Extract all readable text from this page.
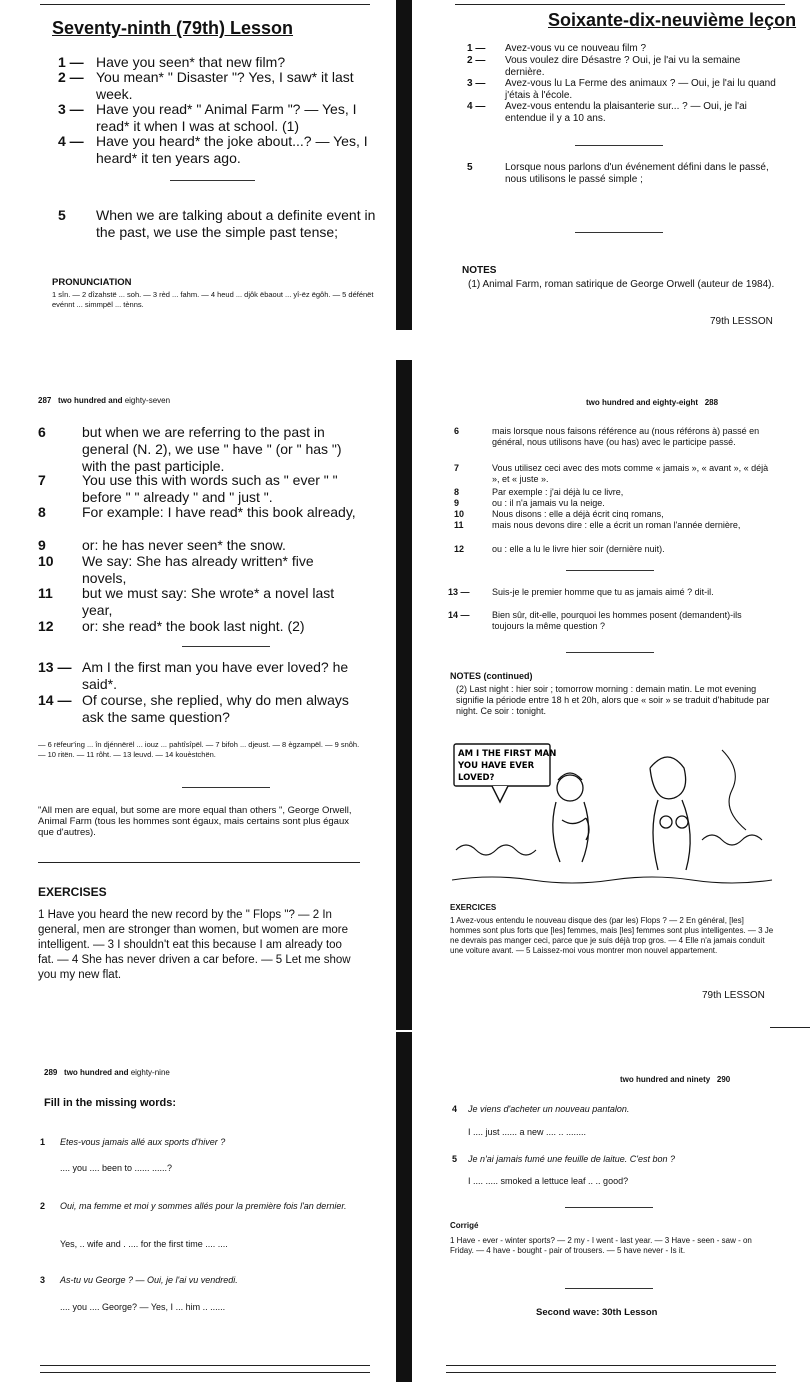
Seventy-ninth (79th) Lesson	Soixante-dix-neuvième leçon
1 — Have you seen* that new film?
2 — You mean* " Disaster "? Yes, I saw* it last week.
3 — Have you read* " Animal Farm "? — Yes, I read* it when I was at school. (1)
4 — Have you heard* the joke about...? — Yes, I heard* it ten years ago.
5 When we are talking about a definite event in the past, we use the simple past tense;
PRONUNCIATION
1 sîn. — 2 dîzahstë ... soh. — 3 rèd ... fahm. — 4 heud ... djôk ëbaout ... yî-ëz ëgôh. — 5 défénët evénnt ... simmpël ... tènns.
1 — Avez-vous vu ce nouveau film ?
2 — Vous voulez dire Désastre ? Oui, je l'ai vu la semaine dernière.
3 — Avez-vous lu La Ferme des animaux ? — Oui, je l'ai lu quand j'étais à l'école.
4 — Avez-vous entendu la plaisanterie sur... ? — Oui, je l'ai entendue il y a 10 ans.
5	Lorsque nous parlons d'un événement défini dans le passé, nous utilisons le passé simple ;
NOTES
(1) Animal Farm, roman satirique de George Orwell (auteur de 1984).
79th LESSON
287 two hundred and eighty-seven	two hundred and eighty-eight 288
6	but when we are referring to the past in general (N. 2), we use " have " (or " has ") with the past participle.
7	You use this with words such as " ever " " before " " already " and " just ".
8	For example: I have read* this book already,
9	or: he has never seen* the snow.
10 We say: She has already written* five novels,
11 but we must say: She wrote* a novel last year,
12 or: she read* the book last night. (2)
13 — Am I the first man you have ever loved? he said*.
14 — Of course, she replied, why do men always ask the same question?
— 6 rëfeur'ing ... în djénnërël ... iouz ... pahtîsîpël. — 7 bifoh ... djeust. — 8 ègzampël. — 9 snôh. — 10 ritën. — 11 rôht. — 13 leuvd. — 14 kouèstchën.
"All men are equal, but some are more equal than others ", George Orwell, Animal Farm (tous les hommes sont égaux, mais certains sont plus égaux que d'autres).
EXERCISES
1 Have you heard the new record by the " Flops "? — 2 In general, men are stronger than women, but women are more intelligent. — 3 I shouldn't eat this because I am already too fat. — 4 She has never driven a car before. — 5 Let me show you my new flat.
6	mais lorsque nous faisons référence au (nous référons à) passé en général, nous utilisons have (ou has) avec le participe passé.
7	Vous utilisez ceci avec des mots comme « jamais », « avant », « déjà », et « juste ».
8	Par exemple : j'ai déjà lu ce livre,
9	ou : il n'a jamais vu la neige.
10	Nous disons : elle a déjà écrit cinq romans,
11	mais nous devons dire : elle a écrit un roman l'année dernière,
12	ou : elle a lu le livre hier soir (dernière nuit).
13 — Suis-je le premier homme que tu as jamais aimé ? dit-il.
14 — Bien sûr, dit-elle, pourquoi les hommes posent (demandent)-ils toujours la même question ?
NOTES (continued)
(2) Last night : hier soir ; tomorrow morning : demain matin. Le mot evening signifie la période entre 18 h et 20h, alors que « soir » se traduit d'habitude par night. Ce soir : tonight.
AM I THE FIRST MAN
YOU HAVE EVER
LOVED?
EXERCICES
1 Avez-vous entendu le nouveau disque des (par les) Flops ? — 2 En général, [les] hommes sont plus forts que [les] femmes, mais [les] femmes sont plus intelligentes. — 3 Je ne devrais pas manger ceci, parce que je suis déjà trop gros. — 4 Elle n'a jamais conduit une voiture avant. — 5 Laissez-moi vous montrer mon nouvel appartement.
79th LESSON
289 two hundred and eighty-nine
two hundred and ninety 290
Fill in the missing words:
1 Etes-vous jamais allé aux sports d'hiver ?
.... you .... been to ...... ......?
2 Oui, ma femme et moi y sommes allés pour la première fois l'an dernier.
Yes, .. wife and . .... for the first time .... ....
3 As-tu vu George ? — Oui, je l'ai vu vendredi.
.... you .... George? — Yes, I ... him .. ......
4 Je viens d'acheter un nouveau pantalon.
I .... just ...... a new .... .. ........
5 Je n'ai jamais fumé une feuille de laitue. C'est bon ?
I .... ..... smoked a lettuce leaf .. .. good?
Corrigé
1 Have - ever - winter sports? — 2 my - I went - last year. — 3 Have - seen - saw - on Friday. — 4 have - bought - pair of trousers. — 5 have never - Is it.
Second wave: 30th Lesson
